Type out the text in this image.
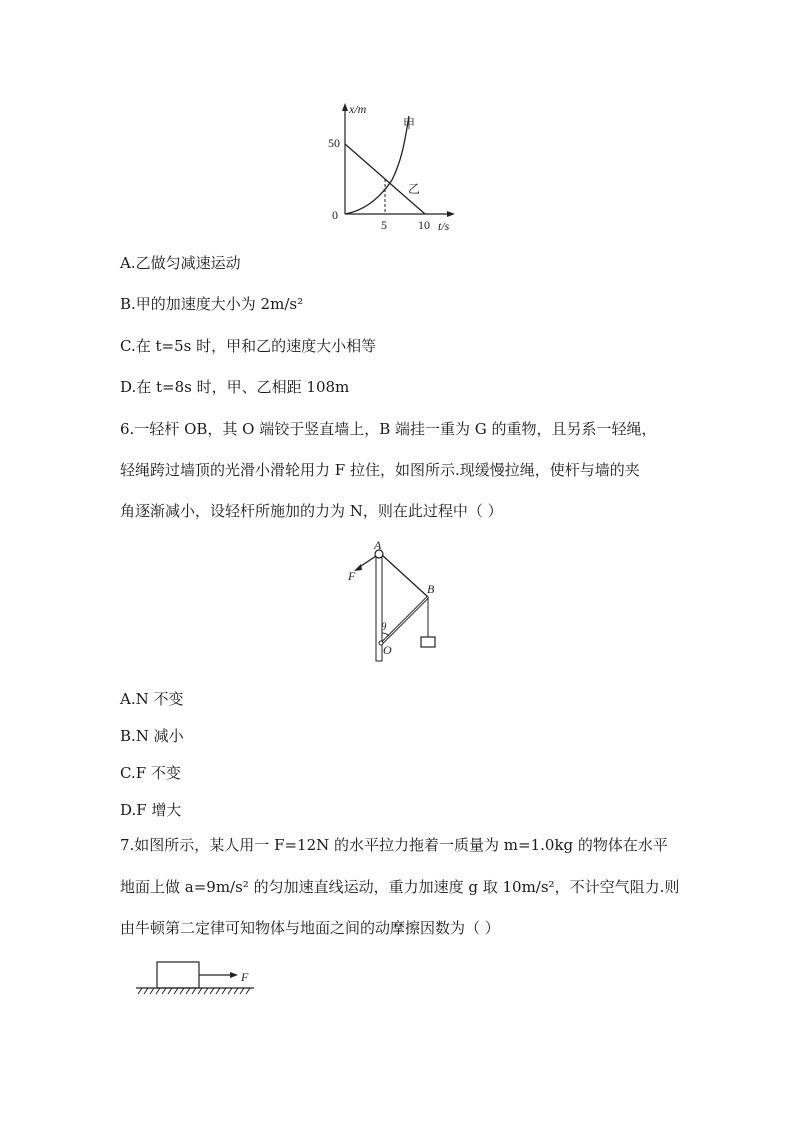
x/m
50
0
5	10 t/s
甲
乙
A.乙做匀减速运动
B.甲的加速度大小为 2m/s²
C.在 t=5s 时，甲和乙的速度大小相等
D.在 t=8s 时，甲、乙相距 108m
6.一轻杆 OB，其 O 端铰于竖直墙上，B 端挂一重为 G 的重物，且另系一轻绳，
轻绳跨过墙顶的光滑小滑轮用力 F 拉住，如图所示.现缓慢拉绳，使杆与墙的夹
角逐渐减小，设轻杆所施加的力为 N，则在此过程中（ ）
A
F
B
θ
O
A.N 不变
B.N 减小
C.F 不变
D.F 增大
7.如图所示，某人用一 F=12N 的水平拉力拖着一质量为 m=1.0kg 的物体在水平
地面上做 a=9m/s² 的匀加速直线运动，重力加速度 g 取 10m/s²，不计空气阻力.则
由牛顿第二定律可知物体与地面之间的动摩擦因数为（ ）
F
